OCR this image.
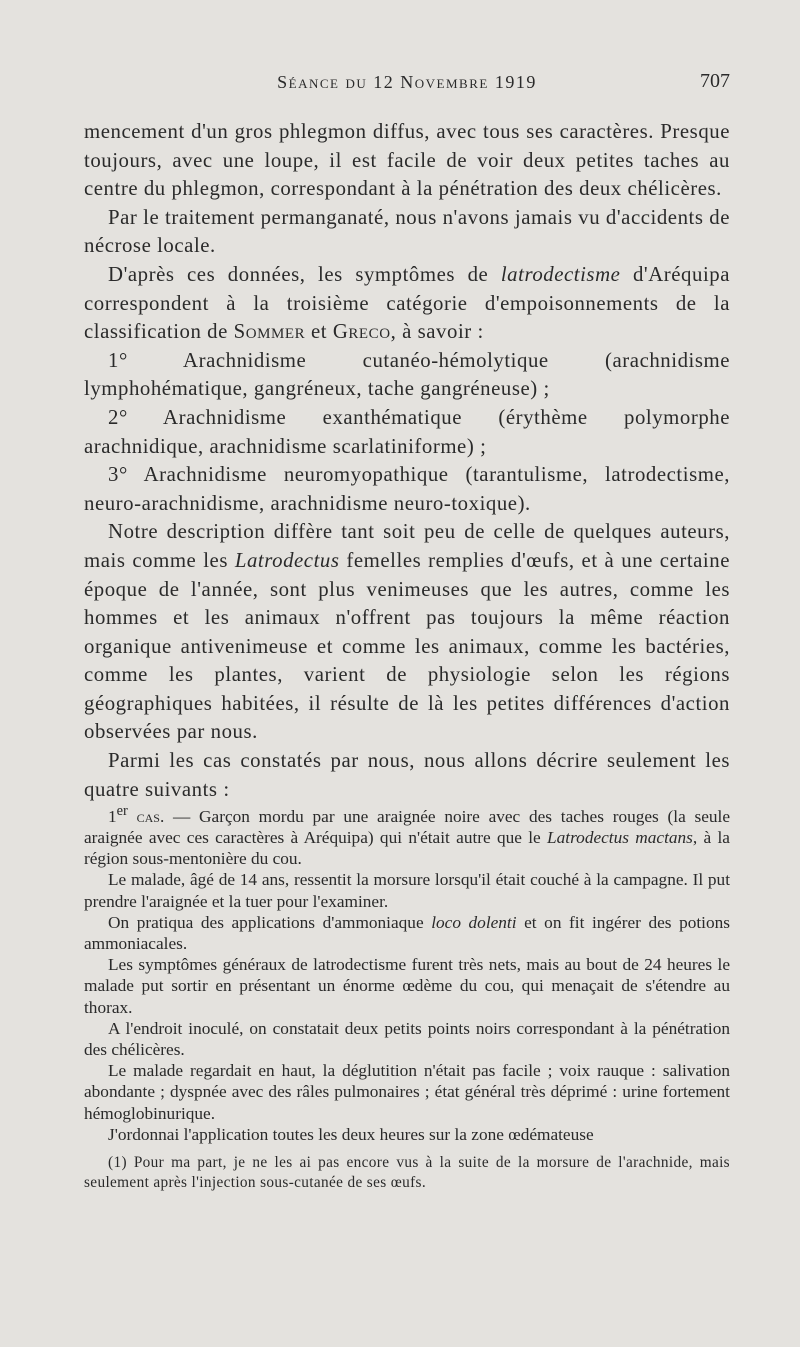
Séance du 12 Novembre 1919	707

mencement d'un gros phlegmon diffus, avec tous ses caractères. Presque toujours, avec une loupe, il est facile de voir deux petites taches au centre du phlegmon, correspondant à la pénétration des deux chélicères.

Par le traitement permanganaté, nous n'avons jamais vu d'accidents de nécrose locale.

D'après ces données, les symptômes de latrodectisme d'Aréquipa correspondent à la troisième catégorie d'empoisonnements de la classification de Sommer et Greco, à savoir :

1° Arachnidisme cutanéo-hémolytique (arachnidisme lymphohématique, gangréneux, tache gangréneuse) ;

2° Arachnidisme exanthématique (érythème polymorphe arachnidique, arachnidisme scarlatiniforme) ;

3° Arachnidisme neuromyopathique (tarantulisme, latrodectisme, neuro-arachnidisme, arachnidisme neuro-toxique).

Notre description diffère tant soit peu de celle de quelques auteurs, mais comme les Latrodectus femelles remplies d'œufs, et à une certaine époque de l'année, sont plus venimeuses que les autres, comme les hommes et les animaux n'offrent pas toujours la même réaction organique antivenimeuse et comme les animaux, comme les bactéries, comme les plantes, varient de physiologie selon les régions géographiques habitées, il résulte de là les petites différences d'action observées par nous.

Parmi les cas constatés par nous, nous allons décrire seulement les quatre suivants :

1er cas. — Garçon mordu par une araignée noire avec des taches rouges (la seule araignée avec ces caractères à Aréquipa) qui n'était autre que le Latrodectus mactans, à la région sous-mentonière du cou.

Le malade, âgé de 14 ans, ressentit la morsure lorsqu'il était couché à la campagne. Il put prendre l'araignée et la tuer pour l'examiner.

On pratiqua des applications d'ammoniaque loco dolenti et on fit ingérer des potions ammoniacales.

Les symptômes généraux de latrodectisme furent très nets, mais au bout de 24 heures le malade put sortir en présentant un énorme œdème du cou, qui menaçait de s'étendre au thorax.

A l'endroit inoculé, on constatait deux petits points noirs correspondant à la pénétration des chélicères.

Le malade regardait en haut, la déglutition n'était pas facile ; voix rauque : salivation abondante ; dyspnée avec des râles pulmonaires ; état général très déprimé : urine fortement hémoglobinurique.

J'ordonnai l'application toutes les deux heures sur la zone œdémateuse

(1) Pour ma part, je ne les ai pas encore vus à la suite de la morsure de l'arachnide, mais seulement après l'injection sous-cutanée de ses œufs.
